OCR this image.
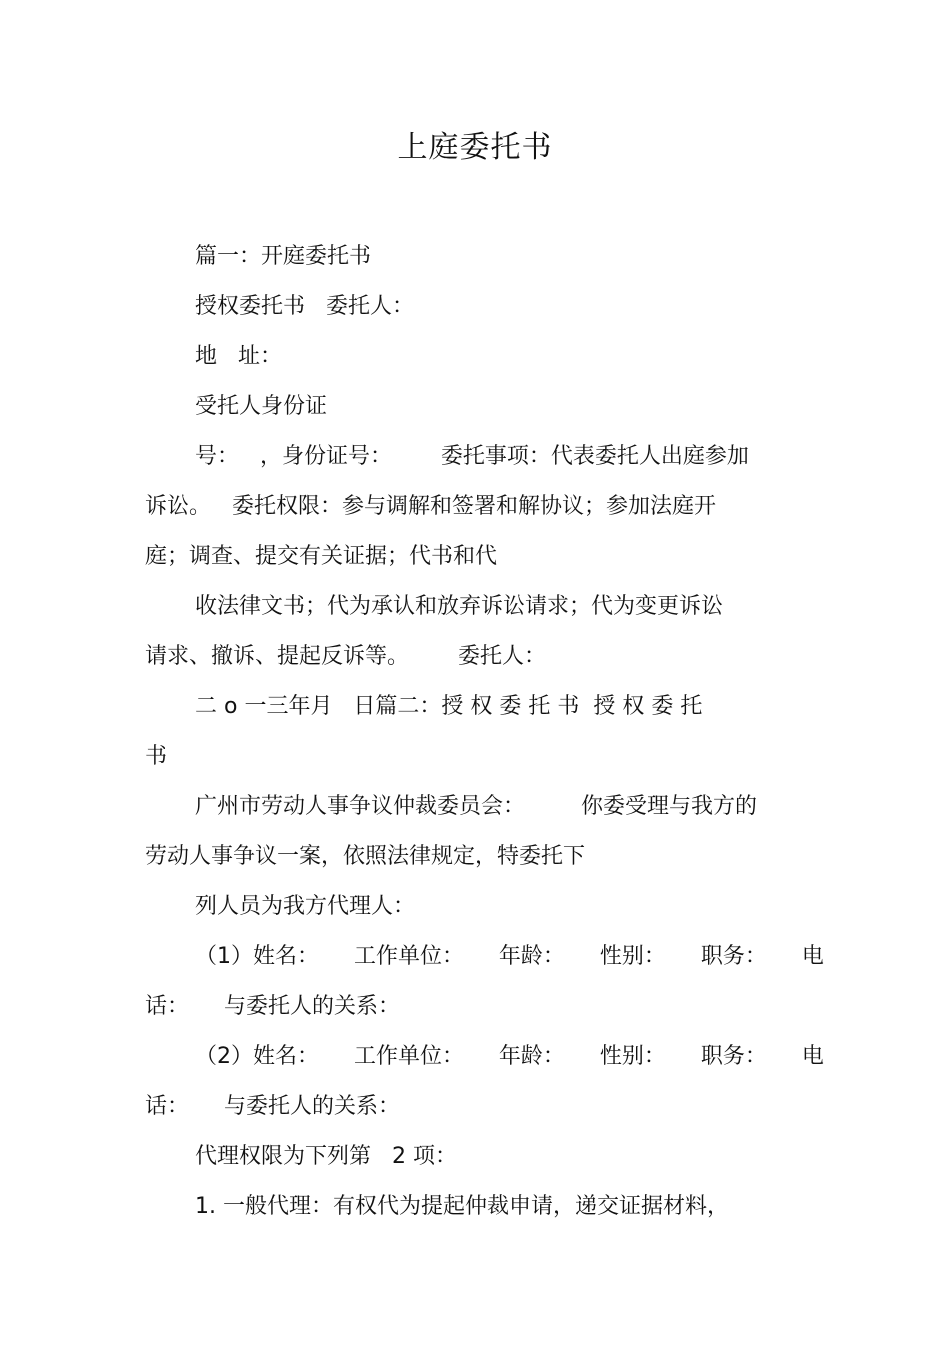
上庭委托书
篇一：开庭委托书
授权委托书   委托人：
地   址：
受托人身份证
号：   ，身份证号：       委托事项：代表委托人出庭参加
诉讼。   委托权限：参与调解和签署和解协议；参加法庭开
庭；调查、提交有关证据；代书和代
收法律文书；代为承认和放弃诉讼请求；代为变更诉讼
请求、撤诉、提起反诉等。       委托人：
二 o 一三年月   日篇二：授 权 委 托 书  授 权 委 托
书
广州市劳动人事争议仲裁委员会：        你委受理与我方的
劳动人事争议一案，依照法律规定，特委托下
列人员为我方代理人：
（1）姓名：     工作单位：     年龄：     性别：     职务：     电
话：     与委托人的关系：
（2）姓名：     工作单位：     年龄：     性别：     职务：     电
话：     与委托人的关系：
代理权限为下列第   2 项：
1. 一般代理：有权代为提起仲裁申请，递交证据材料，
